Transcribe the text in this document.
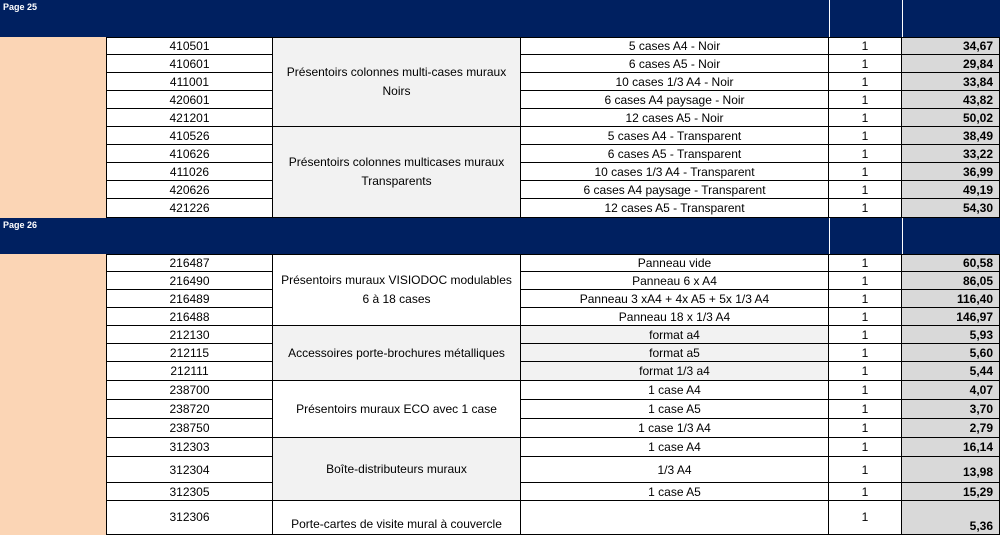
Page 25
Page 26
410501
410601
411001
420601
421201
410526
410626
411026
420626
421226
Présentoirs colonnes multi-cases muraux Noirs
Présentoirs colonnes multicases muraux Transparents
5 cases A4 - Noir
6 cases A5 - Noir
10 cases 1/3 A4 - Noir
6 cases A4 paysage - Noir
12 cases A5 - Noir
5 cases A4 - Transparent
6 cases A5 - Transparent
10 cases 1/3 A4 - Transparent
6 cases A4 paysage - Transparent
12 cases A5 - Transparent
1
1
1
1
1
1
1
1
1
1
34,67
29,84
33,84
43,82
50,02
38,49
33,22
36,99
49,19
54,30
216487
216490
216489
216488
212130
212115
212111
238700
238720
238750
312303
312304
312305
312306
Présentoirs muraux VISIODOC modulables 6 à 18 cases
Accessoires porte-brochures métalliques
Présentoirs muraux ECO avec 1 case
Boîte-distributeurs muraux
Porte-cartes de visite mural à couvercle
Panneau vide
Panneau 6 x A4
Panneau 3 xA4 + 4x A5 + 5x 1/3 A4
Panneau 18 x 1/3 A4
format a4
format a5
format 1/3 a4
1 case A4
1 case A5
1 case 1/3 A4
1 case A4
1/3 A4
1 case A5
1
1
1
1
1
1
1
1
1
1
1
1
1
1
60,58
86,05
116,40
146,97
5,93
5,60
5,44
4,07
3,70
2,79
16,14
13,98
15,29
5,36
